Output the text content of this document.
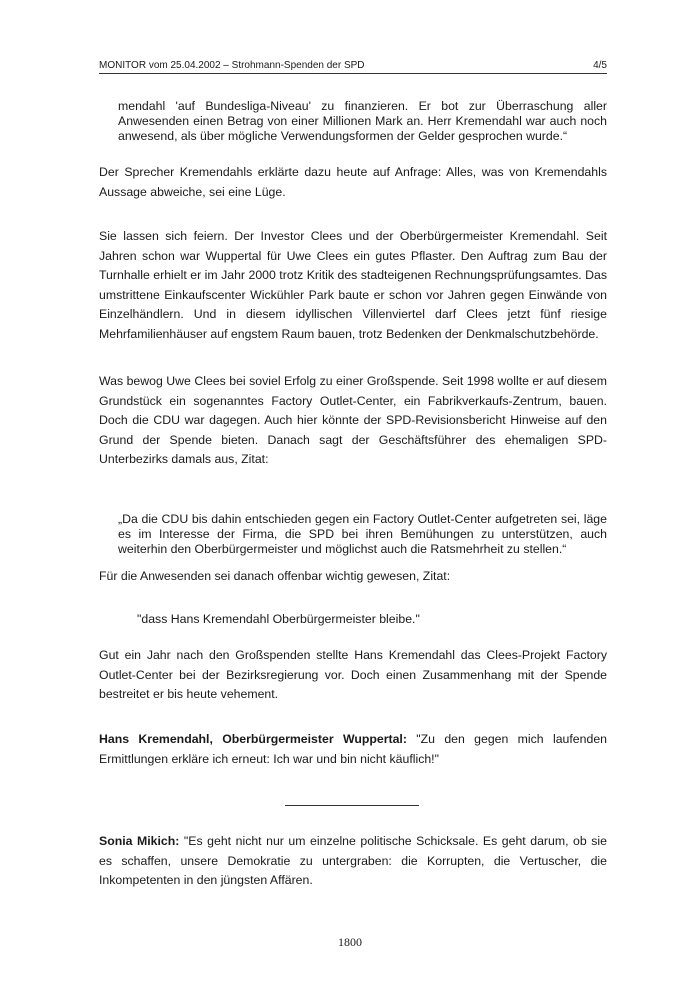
MONITOR vom 25.04.2002 – Strohmann-Spenden der SPD	4/5
mendahl 'auf Bundesliga-Niveau' zu finanzieren. Er bot zur Überraschung aller Anwesenden einen Betrag von einer Millionen Mark an. Herr Kremendahl war auch noch anwesend, als über mögliche Verwendungsformen der Gelder gesprochen wurde.“
Der Sprecher Kremendahls erklärte dazu heute auf Anfrage: Alles, was von Kremendahls Aussage abweiche, sei eine Lüge.
Sie lassen sich feiern. Der Investor Clees und der Oberbürgermeister Kremendahl. Seit Jahren schon war Wuppertal für Uwe Clees ein gutes Pflaster. Den Auftrag zum Bau der Turnhalle erhielt er im Jahr 2000 trotz Kritik des stadteigenen Rechnungsprüfungsamtes. Das umstrittene Einkaufscenter Wickühler Park baute er schon vor Jahren gegen Einwände von Einzelhändlern. Und in diesem idyllischen Villenviertel darf Clees jetzt fünf riesige Mehrfamilienhäuser auf engstem Raum bauen, trotz Bedenken der Denkmalschutzbehörde.
Was bewog Uwe Clees bei soviel Erfolg zu einer Großspende. Seit 1998 wollte er auf diesem Grundstück ein sogenanntes Factory Outlet-Center, ein Fabrikverkaufs-Zentrum, bauen. Doch die CDU war dagegen. Auch hier könnte der SPD-Revisionsbericht Hinweise auf den Grund der Spende bieten. Danach sagt der Geschäftsführer des ehemaligen SPD-Unterbezirks damals aus, Zitat:
„Da die CDU bis dahin entschieden gegen ein Factory Outlet-Center aufgetreten sei, läge es im Interesse der Firma, die SPD bei ihren Bemühungen zu unterstützen, auch weiterhin den Oberbürgermeister und möglichst auch die Ratsmehrheit zu stellen.“
Für die Anwesenden sei danach offenbar wichtig gewesen, Zitat:
"dass Hans Kremendahl Oberbürgermeister bleibe."
Gut ein Jahr nach den Großspenden stellte Hans Kremendahl das Clees-Projekt Factory Outlet-Center bei der Bezirksregierung vor. Doch einen Zusammenhang mit der Spende bestreitet er bis heute vehement.
Hans Kremendahl, Oberbürgermeister Wuppertal: "Zu den gegen mich laufenden Ermittlungen erkläre ich erneut: Ich war und bin nicht käuflich!"
Sonia Mikich: "Es geht nicht nur um einzelne politische Schicksale. Es geht darum, ob sie es schaffen, unsere Demokratie zu untergraben: die Korrupten, die Vertuscher, die Inkompetenten in den jüngsten Affären.
1800
